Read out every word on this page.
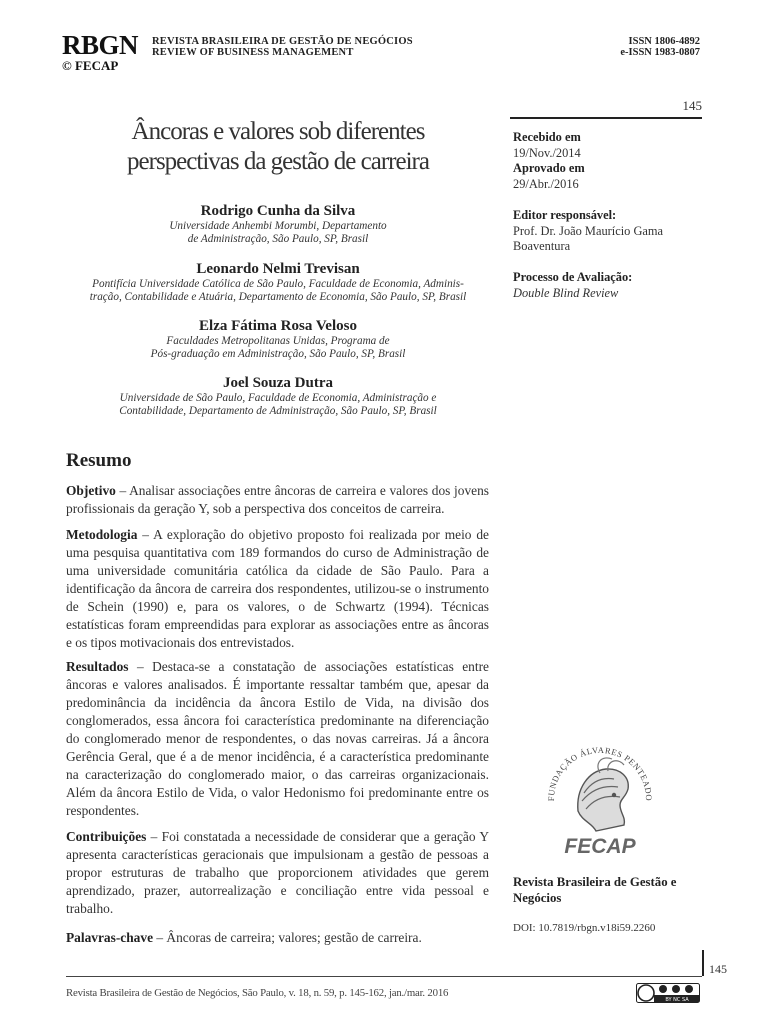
RBGN REVISTA BRASILEIRA DE GESTÃO DE NEGÓCIOS
REVIEW OF BUSINESS MANAGEMENT
© FECAP
ISSN 1806-4892
e-ISSN 1983-0807
145
Âncoras e valores sob diferentes
perspectivas da gestão de carreira
Rodrigo Cunha da Silva
Universidade Anhembi Morumbi, Departamento
de Administração, São Paulo, SP, Brasil
Leonardo Nelmi Trevisan
Pontifícia Universidade Católica de São Paulo, Faculdade de Economia, Adminis-
tração, Contabilidade e Atuária, Departamento de Economia, São Paulo, SP, Brasil
Elza Fátima Rosa Veloso
Faculdades Metropolitanas Unidas, Programa de
Pós-graduação em Administração, São Paulo, SP, Brasil
Joel Souza Dutra
Universidade de São Paulo, Faculdade de Economia, Administração e
Contabilidade, Departamento de Administração, São Paulo, SP, Brasil
Resumo
Objetivo – Analisar associações entre âncoras de carreira e valores dos jovens profissionais da geração Y, sob a perspectiva dos conceitos de carreira.
Metodologia – A exploração do objetivo proposto foi realizada por meio de uma pesquisa quantitativa com 189 formandos do curso de Administração de uma universidade comunitária católica da cidade de São Paulo. Para a identificação da âncora de carreira dos respondentes, utilizou-se o instrumento de Schein (1990) e, para os valores, o de Schwartz (1994). Técnicas estatísticas foram empreendidas para explorar as associações entre as âncoras e os tipos motivacionais dos entrevistados.
Resultados – Destaca-se a constatação de associações estatísticas entre âncoras e valores analisados. É importante ressaltar também que, apesar da predominância da incidência da âncora Estilo de Vida, na divisão dos conglomerados, essa âncora foi característica predominante na diferenciação do conglomerado menor de respondentes, o das novas carreiras. Já a âncora Gerência Geral, que é a de menor incidência, é a característica predominante na caracterização do conglomerado maior, o das carreiras organizacionais. Além da âncora Estilo de Vida, o valor Hedonismo foi predominante entre os respondentes.
Contribuições – Foi constatada a necessidade de considerar que a geração Y apresenta características geracionais que impulsionam a gestão de pessoas a propor estruturas de trabalho que proporcionem atividades que gerem aprendizado, prazer, autorrealização e conciliação entre vida pessoal e trabalho.
Palavras-chave – Âncoras de carreira; valores; gestão de carreira.
Recebido em
19/Nov./2014
Aprovado em
29/Abr./2016
Editor responsável:
Prof. Dr. João Maurício Gama Boaventura
Processo de Avaliação:
Double Blind Review
FUNDAÇÃO ÁLVARES PENTEADO
FECAP
Revista Brasileira de Gestão e Negócios
DOI: 10.7819/rbgn.v18i59.2260
145
Revista Brasileira de Gestão de Negócios, São Paulo, v. 18, n. 59, p. 145-162, jan./mar. 2016
BY NC SA
